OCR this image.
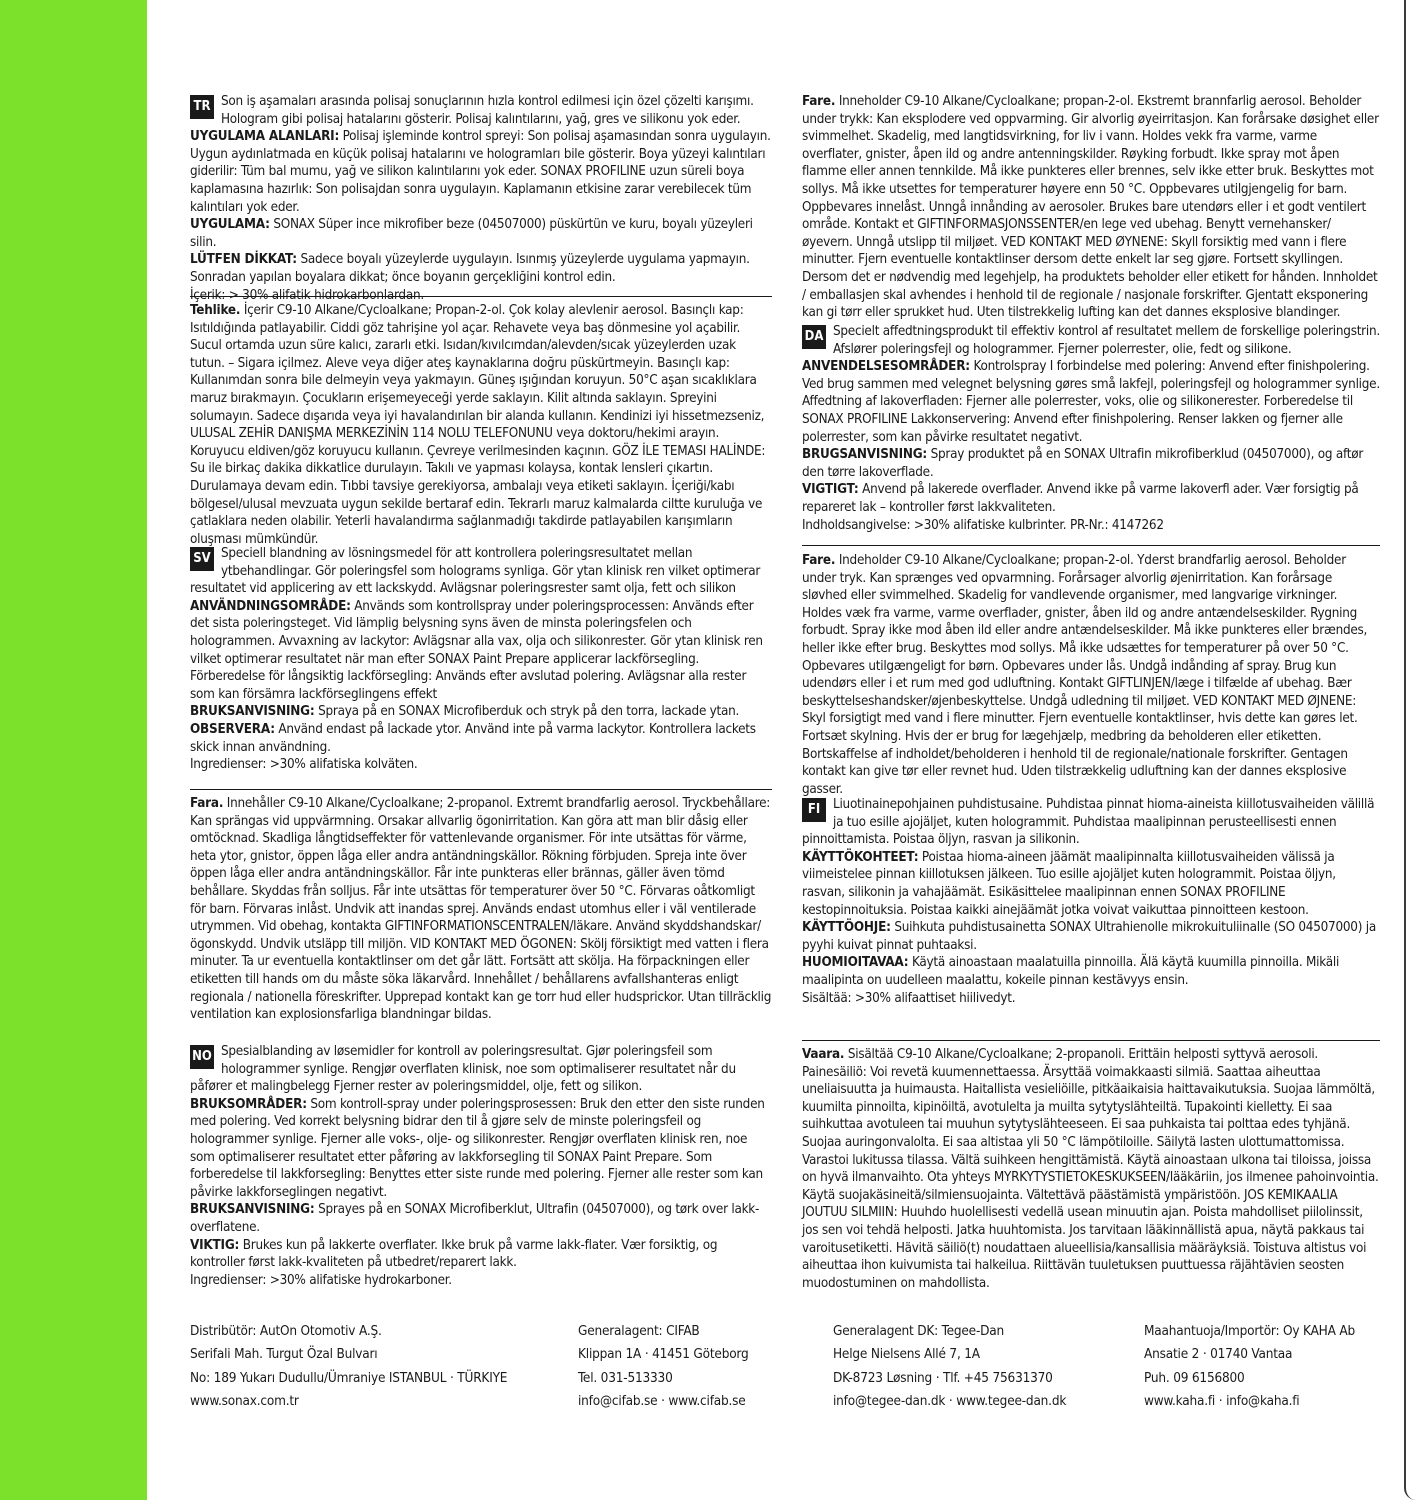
TR Son iş aşamaları arasında polisaj sonuçlarının hızla kontrol edilmesi için özel çözelti karışımı. Hologram gibi polisaj hatalarını gösterir. Polisaj kalıntılarını, yağ, gres ve silikonu yok eder.

UYGULAMA ALANLARI: Polisaj işleminde kontrol spreyi: Son polisaj aşamasından sonra uygulayın. Uygun aydınlatmada en küçük polisaj hatalarını ve hologramları bile gösterir. Boya yüzeyi kalıntıları giderilir: Tüm bal mumu, yağ ve silikon kalıntılarını yok eder. SONAX PROFILINE uzun süreli boya kaplamasına hazırlık: Son polisajdan sonra uygulayın. Kaplamanın etkisine zarar verebilecek tüm kalıntıları yok eder.

UYGULAMA: SONAX Süper ince mikrofiber beze (04507000) püskürtün ve kuru, boyalı yüzeyleri silin.

LÜTFEN DİKKAT: Sadece boyalı yüzeylerde uygulayın. Isınmış yüzeylerde uygulama yapmayın. Sonradan yapılan boyalara dikkat; önce boyanın gerçekliğini kontrol edin.

İçerik: > 30% alifatik hidrokarbonlardan.

Tehlike. İçerir C9-10 Alkane/Cycloalkane; Propan-2-ol. Çok kolay alevlenir aerosol. Basınçlı kap: Isıtıldığında patlayabilir. Ciddi göz tahrişine yol açar. Rehavete veya baş dönmesine yol açabilir. Sucul ortamda uzun süre kalıcı, zararlı etki. Isıdan/kıvılcımdan/alevden/sıcak yüzeylerden uzak tutun. – Sigara içilmez. Aleve veya diğer ateş kaynaklarına doğru püskürtmeyin. Basınçlı kap: Kullanımdan sonra bile delmeyin veya yakmayın. Güneş ışığından koruyun. 50°C aşan sıcaklıklara maruz bırakmayın. Çocukların erişemeyeceği yerde saklayın. Kilit altında saklayın. Spreyini solumayın. Sadece dışarıda veya iyi havalandırılan bir alanda kullanın. Kendinizi iyi hissetmezseniz, ULUSAL ZEHİR DANIŞMA MERKEZİNİN 114 NOLU TELEFONUNU veya doktoru/hekimi arayın. Koruyucu eldiven/göz koruyucu kullanın. Çevreye verilmesinden kaçının. GÖZ İLE TEMASI HALİNDE: Su ile birkaç dakika dikkatlice durulayın. Takılı ve yapması kolaysa, kontak lensleri çıkartın. Durulamaya devam edin. Tıbbi tavsiye gerekiyorsa, ambalajı veya etiketi saklayın. İçeriği/kabı bölgesel/ulusal mevzuata uygun sekilde bertaraf edin. Tekrarlı maruz kalmalarda ciltte kuruluğa ve çatlaklara neden olabilir. Yeterli havalandırma sağlanmadığı takdirde patlayabilen karışımların oluşması mümkündür.

SV Speciell blandning av lösningsmedel för att kontrollera poleringsresultatet mellan ytbehandlingar. Gör poleringsfel som holograms synliga. Gör ytan klinisk ren vilket optimerar resultatet vid applicering av ett lackskydd. Avlägsnar poleringsrester samt olja, fett och silikon

ANVÄNDNINGSOMRÅDE: Används som kontrollspray under poleringsprocessen: Används efter det sista poleringsteget. Vid lämplig belysning syns även de minsta poleringsfelen och hologrammen. Avvaxning av lackytor: Avlägsnar alla vax, olja och silikonrester. Gör ytan klinisk ren vilket optimerar resultatet när man efter SONAX Paint Prepare applicerar lackförsegling. Förberedelse för långsiktig lackförsegling: Används efter avslutad polering. Avlägsnar alla rester som kan försämra lackförseglingens effekt

BRUKSANVISNING: Spraya på en SONAX Microfiberduk och stryk på den torra, lackade ytan.

OBSERVERA: Använd endast på lackade ytor. Använd inte på varma lackytor. Kontrollera lackets skick innan användning.

Ingredienser: >30% alifatiska kolväten.

Fara. Innehåller C9-10 Alkane/Cycloalkane; 2-propanol. Extremt brandfarlig aerosol. Tryckbehållare: Kan sprängas vid uppvärmning. Orsakar allvarlig ögonirritation. Kan göra att man blir dåsig eller omtöcknad. Skadliga långtidseffekter för vattenlevande organismer. För inte utsättas för värme, heta ytor, gnistor, öppen låga eller andra antändningskällor. Rökning förbjuden. Spreja inte över öppen låga eller andra antändningskällor. Får inte punkteras eller brännas, gäller även tömd behållare. Skyddas från solljus. Får inte utsättas för temperaturer över 50 °C. Förvaras oåtkomligt för barn. Förvaras inlåst. Undvik att inandas sprej. Används endast utomhus eller i väl ventilerade utrymmen. Vid obehag, kontakta GIFTINFORMATIONSCENTRALEN/läkare. Använd skyddshandskar/ögonskydd. Undvik utsläpp till miljön. VID KONTAKT MED ÖGONEN: Skölj försiktigt med vatten i flera minuter. Ta ur eventuella kontaktlinser om det går lätt. Fortsätt att skölja. Ha förpackningen eller etiketten till hands om du måste söka läkarvård. Innehållet / behållarens avfallshanteras enligt regionala / nationella föreskrifter. Upprepad kontakt kan ge torr hud eller hudsprickor. Utan tillräcklig ventilation kan explosionsfarliga blandningar bildas.

NO Spesialblanding av løsemidler for kontroll av poleringsresultat. Gjør poleringsfeil som hologrammer synlige. Rengjør overflaten klinisk, noe som optimaliserer resultatet når du påfører et malingbelegg Fjerner rester av poleringsmiddel, olje, fett og silikon.

BRUKSOMRÅDER: Som kontroll-spray under poleringsprosessen: Bruk den etter den siste runden med polering. Ved korrekt belysning bidrar den til å gjøre selv de minste poleringsfeil og hologrammer synlige. Fjerner alle voks-, olje- og silikonrester. Rengjør overflaten klinisk ren, noe som optimaliserer resultatet etter påføring av lakkforsegling til SONAX Paint Prepare. Som forberedelse til lakkforsegling: Benyttes etter siste runde med polering. Fjerner alle rester som kan påvirke lakkforseglingen negativt.

BRUKSANVISNING: Sprayes på en SONAX Microfiberklut, Ultrafin (04507000), og tørk over lakk-overflatene.

VIKTIG: Brukes kun på lakkerte overflater. Ikke bruk på varme lakk-flater. Vær forsiktig, og kontroller først lakk-kvaliteten på utbedret/reparert lakk.

Ingredienser: >30% alifatiske hydrokarboner.

Fare. Inneholder C9-10 Alkane/Cycloalkane; propan-2-ol. Ekstremt brannfarlig aerosol. Beholder under trykk: Kan eksplodere ved oppvarming. Gir alvorlig øyeirritasjon. Kan forårsake døsighet eller svimmelhet. Skadelig, med langtidsvirkning, for liv i vann. Holdes vekk fra varme, varme overflater, gnister, åpen ild og andre antenningskilder. Røyking forbudt. Ikke spray mot åpen flamme eller annen tennkilde. Må ikke punkteres eller brennes, selv ikke etter bruk. Beskyttes mot sollys. Må ikke utsettes for temperaturer høyere enn 50 °C. Oppbevares utilgjengelig for barn. Oppbevares innelåst. Unngå innånding av aerosoler. Brukes bare utendørs eller i et godt ventilert område. Kontakt et GIFTINFORMASJONSSENTER/en lege ved ubehag. Benytt vernehansker/øyevern. Unngå utslipp til miljøet. VED KONTAKT MED ØYNENE: Skyll forsiktig med vann i flere minutter. Fjern eventuelle kontaktlinser dersom dette enkelt lar seg gjøre. Fortsett skyllingen. Dersom det er nødvendig med legehjelp, ha produktets beholder eller etikett for hånden. Innholdet / emballasjen skal avhendes i henhold til de regionale / nasjonale forskrifter. Gjentatt eksponering kan gi tørr eller sprukket hud. Uten tilstrekkelig lufting kan det dannes eksplosive blandinger.

DA Specielt affedtningsprodukt til effektiv kontrol af resultatet mellem de forskellige poleringstrin. Afslører poleringsfejl og hologrammer. Fjerner polerrester, olie, fedt og silikone.

ANVENDELSESOMRÅDER: Kontrolspray I forbindelse med polering: Anvend efter finishpolering. Ved brug sammen med velegnet belysning gøres små lakfejl, poleringsfejl og hologrammer synlige. Affedtning af lakoverfladen: Fjerner alle polerrester, voks, olie og silikonerester. Forberedelse til SONAX PROFILINE Lakkonservering: Anvend efter finishpolering. Renser lakken og fjerner alle polerrester, som kan påvirke resultatet negativt.

BRUGSANVISNING: Spray produktet på en SONAX Ultrafin mikrofiberklud (04507000), og aftør den tørre lakoverflade.

VIGTIGT: Anvend på lakerede overflader. Anvend ikke på varme lakoverfl ader. Vær forsigtig på repareret lak – kontroller først lakkvaliteten.

Indholdsangivelse: >30% alifatiske kulbrinter. PR-Nr.: 4147262

Fare. Indeholder C9-10 Alkane/Cycloalkane; propan-2-ol. Yderst brandfarlig aerosol. Beholder under tryk. Kan sprænges ved opvarmning. Forårsager alvorlig øjenirritation. Kan forårsage sløvhed eller svimmelhed. Skadelig for vandlevende organismer, med langvarige virkninger. Holdes væk fra varme, varme overflader, gnister, åben ild og andre antændelseskilder. Rygning forbudt. Spray ikke mod åben ild eller andre antændelseskilder. Må ikke punkteres eller brændes, heller ikke efter brug. Beskyttes mod sollys. Må ikke udsættes for temperaturer på over 50 °C. Opbevares utilgængeligt for børn. Opbevares under lås. Undgå indånding af spray. Brug kun udendørs eller i et rum med god udluftning. Kontakt GIFTLINJEN/læge i tilfælde af ubehag. Bær beskyttelseshandsker/øjenbeskyttelse. Undgå udledning til miljøet. VED KONTAKT MED ØJNENE: Skyl forsigtigt med vand i flere minutter. Fjern eventuelle kontaktlinser, hvis dette kan gøres let. Fortsæt skylning. Hvis der er brug for lægehjælp, medbring da beholderen eller etiketten. Bortskaffelse af indholdet/beholderen i henhold til de regionale/nationale forskrifter. Gentagen kontakt kan give tør eller revnet hud. Uden tilstrækkelig udluftning kan der dannes eksplosive gasser.

FI Liuotinainepohjainen puhdistusaine. Puhdistaa pinnat hioma-aineista kiillotusvaiheiden välillä ja tuo esille ajojäljet, kuten hologrammit. Puhdistaa maalipinnan perusteellisesti ennen pinnoittamista. Poistaa öljyn, rasvan ja silikonin.

KÄYTTÖKOHTEET: Poistaa hioma-aineen jäämät maalipinnalta kiillotusvaiheiden välissä ja viimeistelee pinnan kiillotuksen jälkeen. Tuo esille ajojäljet kuten hologrammit. Poistaa öljyn, rasvan, silikonin ja vahajäämät. Esikäsittelee maalipinnan ennen SONAX PROFILINE kestopinnoituksia. Poistaa kaikki ainejäämät jotka voivat vaikuttaa pinnoitteen kestoon.

KÄYTTÖOHJE: Suihkuta puhdistusainetta SONAX Ultrahienolle mikrokuituliinalle (SO 04507000) ja pyyhi kuivat pinnat puhtaaksi.

HUOMIOITAVAA: Käytä ainoastaan maalatuilla pinnoilla. Älä käytä kuumilla pinnoilla. Mikäli maalipinta on uudelleen maalattu, kokeile pinnan kestävyys ensin.

Sisältää: >30% alifaattiset hiilivedyt.

Vaara. Sisältää C9-10 Alkane/Cycloalkane; 2-propanoli. Erittäin helposti syttyvä aerosoli. Painesäiliö: Voi revetä kuumennettaessa. Ärsyttää voimakkaasti silmiä. Saattaa aiheuttaa uneliaisuutta ja huimausta. Haitallista vesieliöille, pitkäaikaisia haittavaikutuksia. Suojaa lämmöltä, kuumilta pinnoilta, kipinöiltä, avotulelta ja muilta sytytyslähteiltä. Tupakointi kielletty. Ei saa suihkuttaa avotuleen tai muuhun sytytyslähteeseen. Ei saa puhkaista tai polttaa edes tyhjänä. Suojaa auringonvalolta. Ei saa altistaa yli 50 °C lämpötiloille. Säilytä lasten ulottumattomissa. Varastoi lukitussa tilassa. Vältä suihkeen hengittämistä. Käytä ainoastaan ulkona tai tiloissa, joissa on hyvä ilmanvaihto. Ota yhteys MYRKYTYSTIETOKESKUKSEEN/lääkäriin, jos ilmenee pahoinvointia. Käytä suojakäsineitä/silmiensuojainta. Vältettävä päästämistä ympäristöön. JOS KEMIKAALIA JOUTUU SILMIIN: Huuhdo huolellisesti vedellä usean minuutin ajan. Poista mahdolliset piilolinssit, jos sen voi tehdä helposti. Jatka huuhtomista. Jos tarvitaan lääkinnällistä apua, näytä pakkaus tai varoitusetiketti. Hävitä säiliö(t) noudattaen alueellisia/kansallisia määräyksiä. Toistuva altistus voi aiheuttaa ihon kuivumista tai halkeilua. Riittävän tuuletuksen puuttuessa räjähtävien seosten muodostuminen on mahdollista.

Distribütör: AutOn Otomotiv A.Ş.

Serifali Mah. Turgut Özal Bulvarı

No: 189 Yukarı Dudullu/Ümraniye ISTANBUL · TÜRKIYE

www.sonax.com.tr

Generalagent: CIFAB

Klippan 1A · 41451 Göteborg

Tel. 031-513330

info@cifab.se · www.cifab.se

Generalagent DK: Tegee-Dan

Helge Nielsens Allé 7, 1A

DK-8723 Løsning · Tlf. +45 75631370

info@tegee-dan.dk · www.tegee-dan.dk

Maahantuoja/Importör: Oy KAHA Ab

Ansatie 2 · 01740 Vantaa

Puh. 09 6156800

www.kaha.fi · info@kaha.fi
